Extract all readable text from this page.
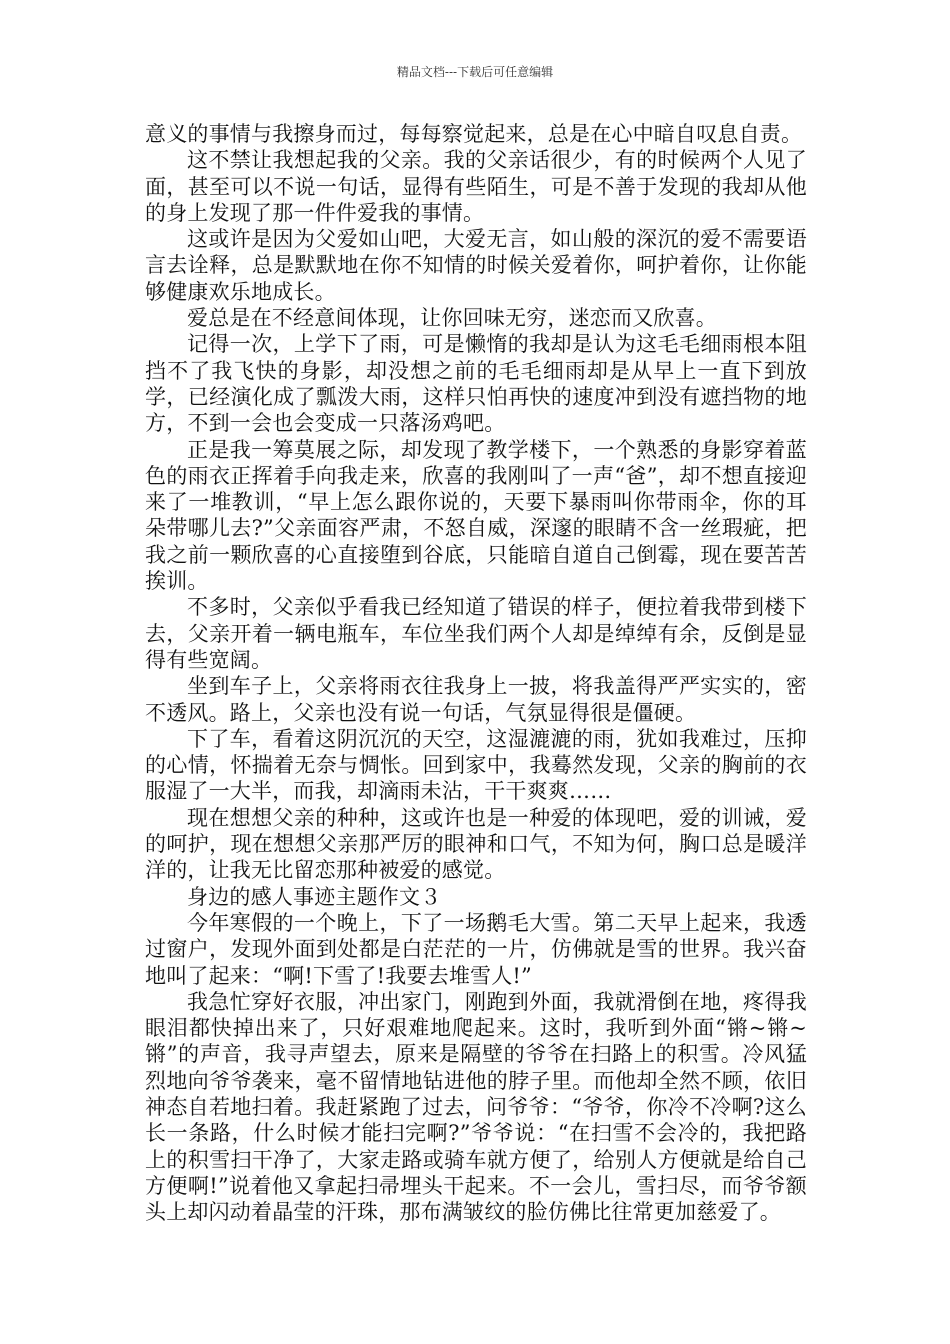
精品文档---下载后可任意编辑

意义的事情与我擦身而过，每每察觉起来，总是在心中暗自叹息自责。

这不禁让我想起我的父亲。我的父亲话很少，有的时候两个人见了面，甚至可以不说一句话，显得有些陌生，可是不善于发现的我却从他的身上发现了那一件件爱我的事情。

这或许是因为父爱如山吧，大爱无言，如山般的深沉的爱不需要语言去诠释，总是默默地在你不知情的时候关爱着你，呵护着你，让你能够健康欢乐地成长。

爱总是在不经意间体现，让你回味无穷，迷恋而又欣喜。

记得一次，上学下了雨，可是懒惰的我却是认为这毛毛细雨根本阻挡不了我飞快的身影，却没想之前的毛毛细雨却是从早上一直下到放学，已经演化成了瓢泼大雨，这样只怕再快的速度冲到没有遮挡物的地方，不到一会也会变成一只落汤鸡吧。

正是我一筹莫展之际，却发现了教学楼下，一个熟悉的身影穿着蓝色的雨衣正挥着手向我走来，欣喜的我刚叫了一声“爸”，却不想直接迎来了一堆教训，“早上怎么跟你说的，天要下暴雨叫你带雨伞，你的耳朵带哪儿去?”父亲面容严肃，不怒自威，深邃的眼睛不含一丝瑕疵，把我之前一颗欣喜的心直接堕到谷底，只能暗自道自己倒霉，现在要苦苦挨训。

不多时，父亲似乎看我已经知道了错误的样子，便拉着我带到楼下去，父亲开着一辆电瓶车，车位坐我们两个人却是绰绰有余，反倒是显得有些宽阔。

坐到车子上，父亲将雨衣往我身上一披，将我盖得严严实实的，密不透风。路上，父亲也没有说一句话，气氛显得很是僵硬。

下了车，看着这阴沉沉的天空，这湿漉漉的雨，犹如我难过，压抑的心情，怀揣着无奈与惆怅。回到家中，我蓦然发现，父亲的胸前的衣服湿了一大半，而我，却滴雨未沾，干干爽爽……

现在想想父亲的种种，这或许也是一种爱的体现吧，爱的训诫，爱的呵护，现在想想父亲那严厉的眼神和口气，不知为何，胸口总是暖洋洋的，让我无比留恋那种被爱的感觉。

身边的感人事迹主题作文３

今年寒假的一个晚上，下了一场鹅毛大雪。第二天早上起来，我透过窗户，发现外面到处都是白茫茫的一片，仿佛就是雪的世界。我兴奋地叫了起来：“啊!下雪了!我要去堆雪人!”

我急忙穿好衣服，冲出家门，刚跑到外面，我就滑倒在地，疼得我眼泪都快掉出来了，只好艰难地爬起来。这时，我听到外面“锵~锵~锵”的声音，我寻声望去，原来是隔壁的爷爷在扫路上的积雪。冷风猛烈地向爷爷袭来，毫不留情地钻进他的脖子里。而他却全然不顾，依旧神态自若地扫着。我赶紧跑了过去，问爷爷：“爷爷，你冷不冷啊?这么长一条路，什么时候才能扫完啊?”爷爷说：“在扫雪不会冷的，我把路上的积雪扫干净了，大家走路或骑车就方便了，给别人方便就是给自己方便啊!”说着他又拿起扫帚埋头干起来。不一会儿，雪扫尽，而爷爷额头上却闪动着晶莹的汗珠，那布满皱纹的脸仿佛比往常更加慈爱了。
